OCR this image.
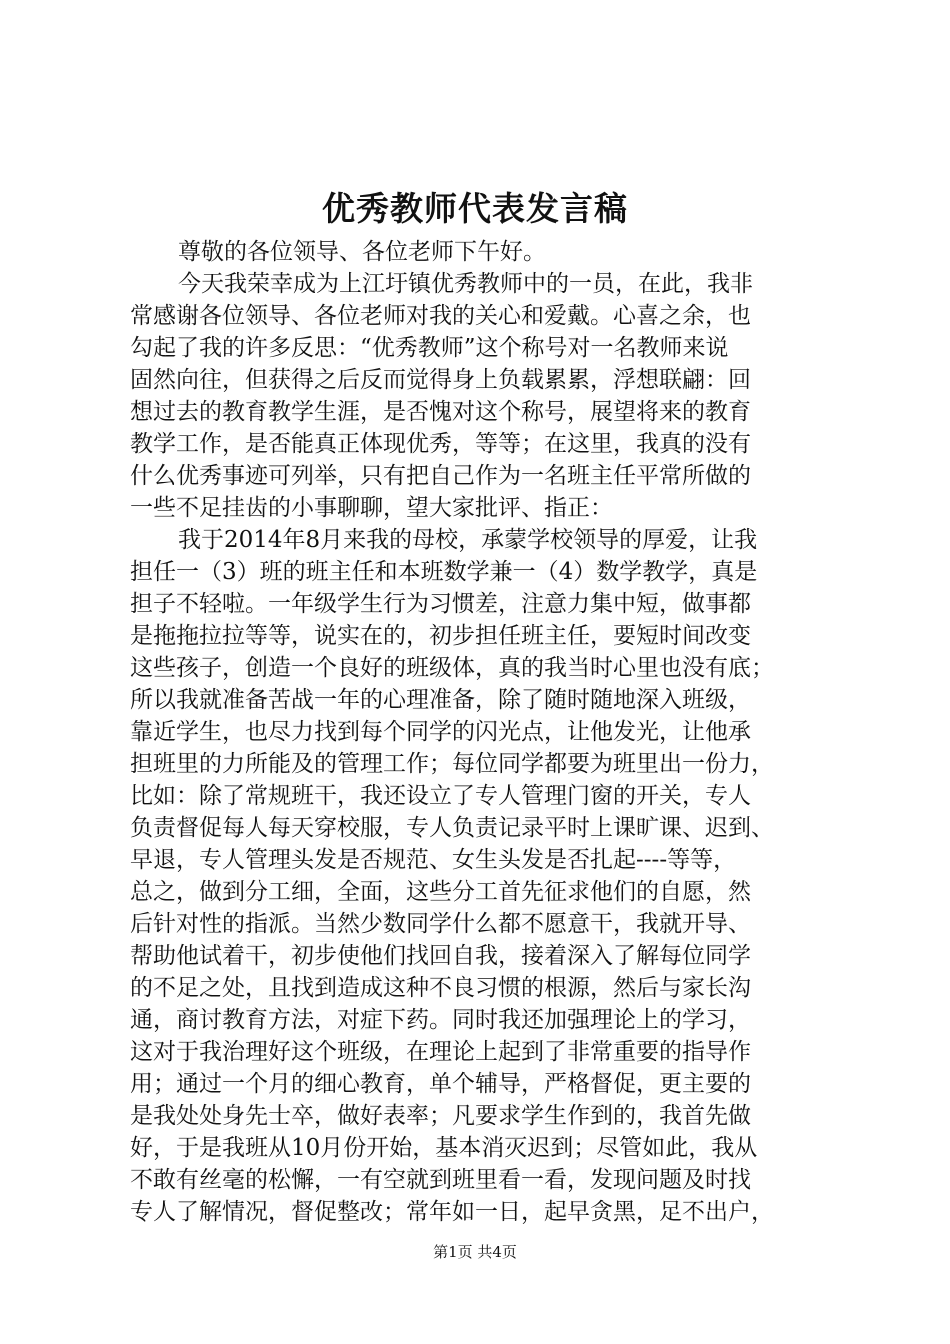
优秀教师代表发言稿
尊敬的各位领导、各位老师下午好。
今天我荣幸成为上江圩镇优秀教师中的一员，在此，我非
常感谢各位领导、各位老师对我的关心和爱戴。心喜之余，也
勾起了我的许多反思：“优秀教师”这个称号对一名教师来说
固然向往，但获得之后反而觉得身上负载累累，浮想联翩：回
想过去的教育教学生涯，是否愧对这个称号，展望将来的教育
教学工作，是否能真正体现优秀，等等；在这里，我真的没有
什么优秀事迹可列举，只有把自己作为一名班主任平常所做的
一些不足挂齿的小事聊聊，望大家批评、指正：
我于2014年8月来我的母校，承蒙学校领导的厚爱，让我
担任一（3）班的班主任和本班数学兼一（4）数学教学，真是
担子不轻啦。一年级学生行为习惯差，注意力集中短，做事都
是拖拖拉拉等等，说实在的，初步担任班主任，要短时间改变
这些孩子，创造一个良好的班级体，真的我当时心里也没有底；
所以我就准备苦战一年的心理准备，除了随时随地深入班级，
靠近学生，也尽力找到每个同学的闪光点，让他发光，让他承
担班里的力所能及的管理工作；每位同学都要为班里出一份力，
比如：除了常规班干，我还设立了专人管理门窗的开关，专人
负责督促每人每天穿校服，专人负责记录平时上课旷课、迟到、
早退，专人管理头发是否规范、女生头发是否扎起----等等，
总之，做到分工细，全面，这些分工首先征求他们的自愿，然
后针对性的指派。当然少数同学什么都不愿意干，我就开导、
帮助他试着干，初步使他们找回自我，接着深入了解每位同学
的不足之处，且找到造成这种不良习惯的根源，然后与家长沟
通，商讨教育方法，对症下药。同时我还加强理论上的学习，
这对于我治理好这个班级，在理论上起到了非常重要的指导作
用；通过一个月的细心教育，单个辅导，严格督促，更主要的
是我处处身先士卒，做好表率；凡要求学生作到的，我首先做
好，于是我班从10月份开始，基本消灭迟到；尽管如此，我从
不敢有丝毫的松懈，一有空就到班里看一看，发现问题及时找
专人了解情况，督促整改；常年如一日，起早贪黑，足不出户，
第1页 共4页
